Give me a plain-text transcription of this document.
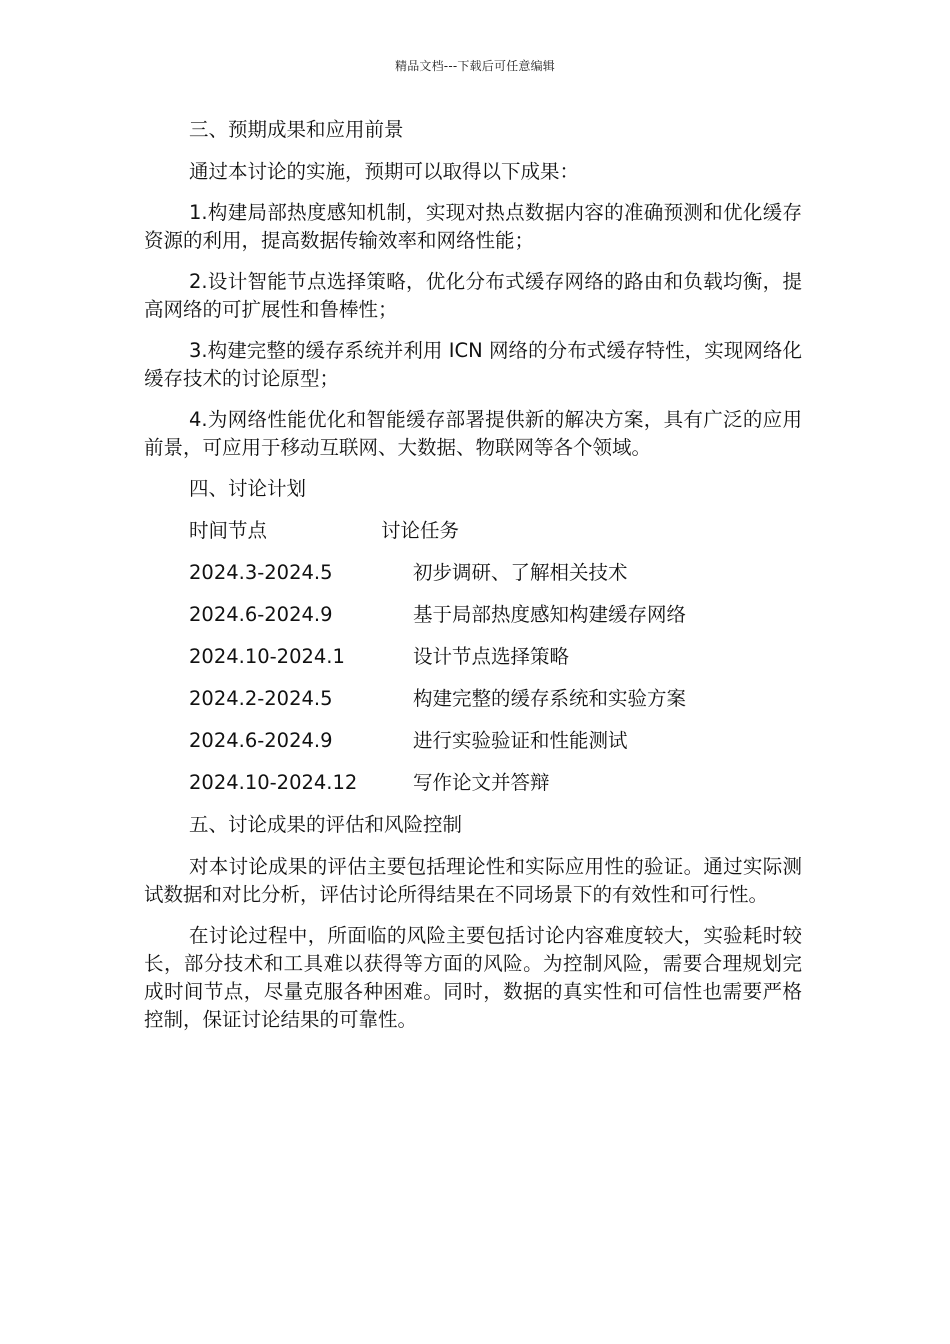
精品文档---下载后可任意编辑
三、预期成果和应用前景
通过本讨论的实施，预期可以取得以下成果：
1.构建局部热度感知机制，实现对热点数据内容的准确预测和优化缓存资源的利用，提高数据传输效率和网络性能；
2.设计智能节点选择策略，优化分布式缓存网络的路由和负载均衡，提高网络的可扩展性和鲁棒性；
3.构建完整的缓存系统并利用 ICN 网络的分布式缓存特性，实现网络化缓存技术的讨论原型；
4.为网络性能优化和智能缓存部署提供新的解决方案，具有广泛的应用前景，可应用于移动互联网、大数据、物联网等各个领域。
四、讨论计划
时间节点	讨论任务
2024.3-2024.5	初步调研、了解相关技术
2024.6-2024.9	基于局部热度感知构建缓存网络
2024.10-2024.1	设计节点选择策略
2024.2-2024.5	构建完整的缓存系统和实验方案
2024.6-2024.9	进行实验验证和性能测试
2024.10-2024.12	写作论文并答辩
五、讨论成果的评估和风险控制
对本讨论成果的评估主要包括理论性和实际应用性的验证。通过实际测试数据和对比分析，评估讨论所得结果在不同场景下的有效性和可行性。
在讨论过程中，所面临的风险主要包括讨论内容难度较大，实验耗时较长，部分技术和工具难以获得等方面的风险。为控制风险，需要合理规划完成时间节点，尽量克服各种困难。同时，数据的真实性和可信性也需要严格控制，保证讨论结果的可靠性。
